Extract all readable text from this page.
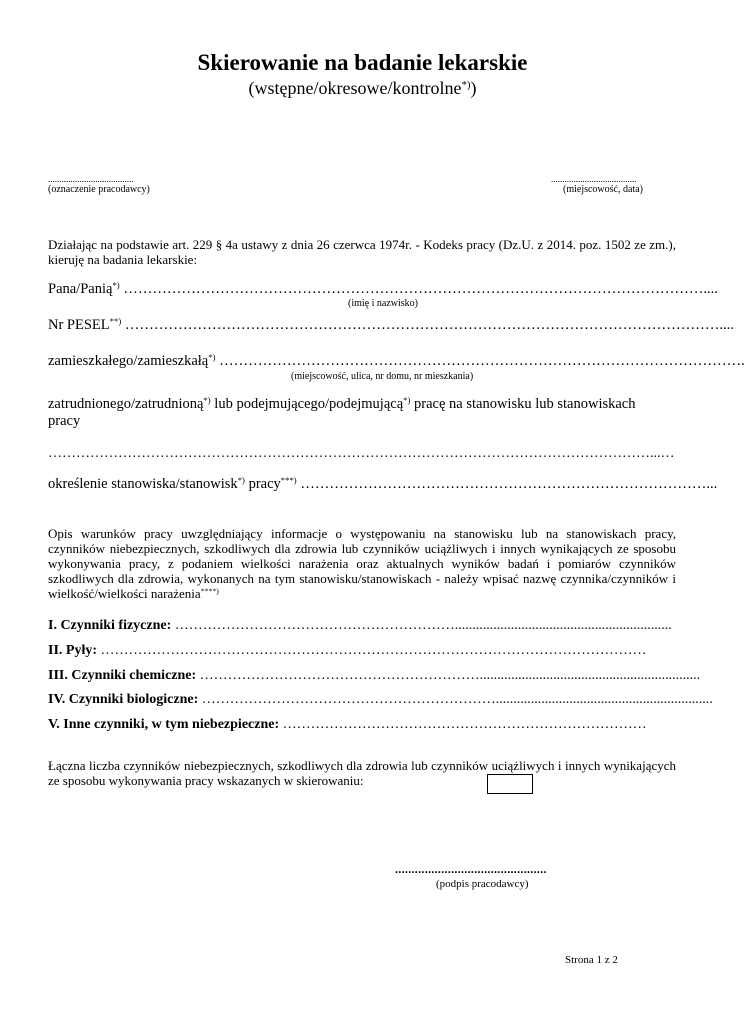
Skierowanie na badanie lekarskie
(wstępne/okresowe/kontrolne*))
......................................
(oznaczenie pracodawcy)
......................................
(miejscowość, data)
Działając na podstawie art. 229 § 4a ustawy z dnia 26 czerwca 1974r. - Kodeks pracy (Dz.U. z 2014. poz. 1502 ze zm.), kieruję na badania lekarskie:
Pana/Panią*) …………………………………………………………………………………………………………....
(imię i nazwisko)
Nr PESEL**) ……………………………………………………………………………………………………………....
zamieszkałego/zamieszkałą*) ……………………………………………………………………………………………….
(miejscowość, ulica, nr domu, nr mieszkania)
zatrudnionego/zatrudnioną*) lub podejmującego/podejmującą*) pracę na stanowisku lub stanowiskach
pracy
…………………………………………………………………………………………………………………...…
określenie stanowiska/stanowisk*) pracy***) …………………………………………………………………………...
Opis warunków pracy uwzględniający informacje o występowaniu na stanowisku lub na stanowiskach pracy, czynników niebezpiecznych, szkodliwych dla zdrowia lub czynników uciążliwych i innych wynikających ze sposobu wykonywania pracy, z podaniem wielkości narażenia oraz aktualnych wyników badań i pomiarów czynników szkodliwych dla zdrowia, wykonanych na tym stanowisku/stanowiskach - należy wpisać nazwę czynnika/czynników i wielkość/wielkości narażenia****)
I. Czynniki fizyczne: ……………………………………………………..............................................................
II. Pyły: ………………………………………………………………………………………………………
III. Czynniki chemiczne: ……………………………………………………...............................................................
IV. Czynniki biologiczne: ………………………………………………………..............................................................
V. Inne czynniki, w tym niebezpieczne: ……………………………………………………………………
Łączna liczba czynników niebezpiecznych, szkodliwych dla zdrowia lub czynników uciążliwych i innych wynikających ze sposobu wykonywania pracy wskazanych w skierowaniu:
..............................................
(podpis pracodawcy)
Strona 1 z 2
